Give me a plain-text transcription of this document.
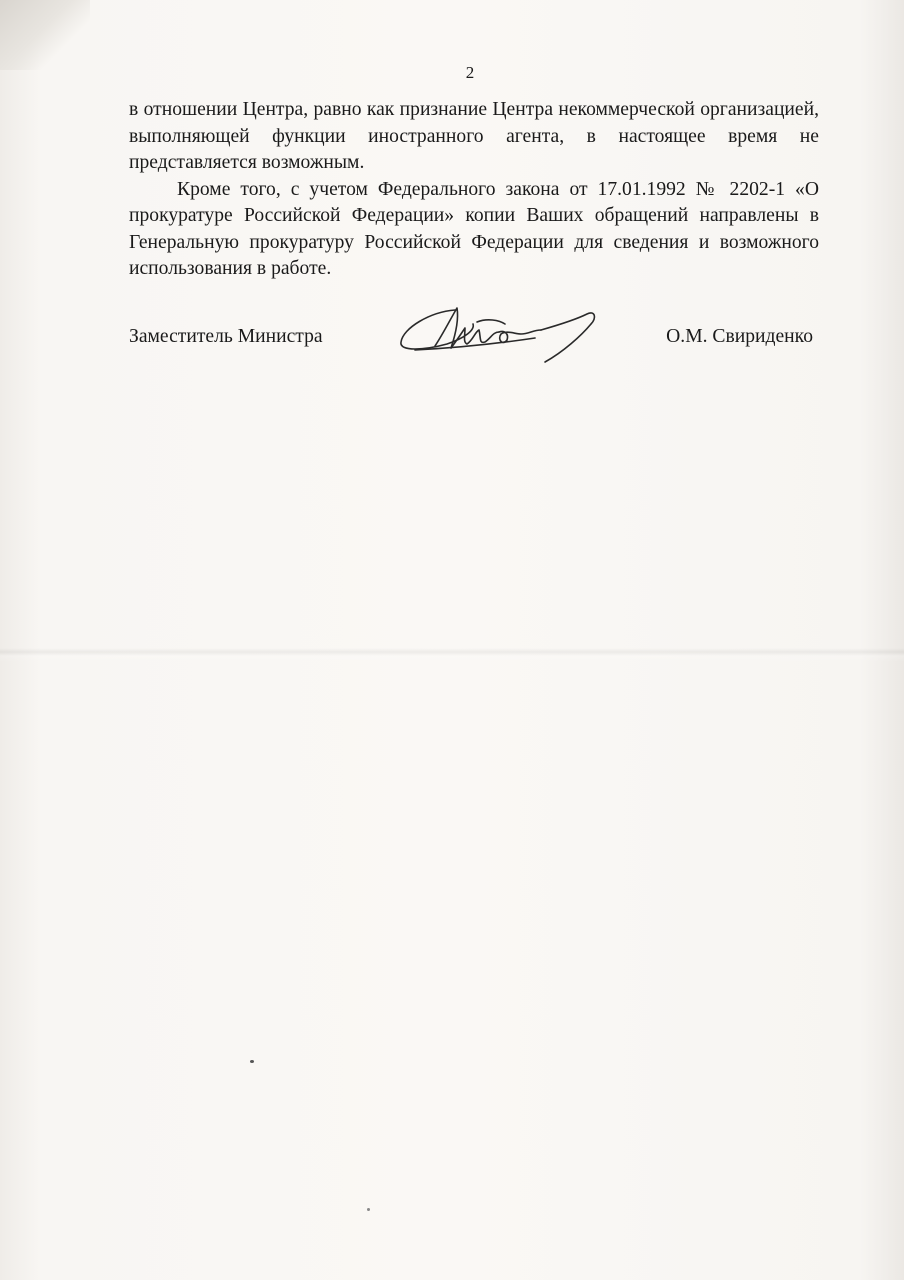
2

в отношении Центра, равно как признание Центра некоммерческой организацией, выполняющей функции иностранного агента, в настоящее время не представляется возможным.

Кроме того, с учетом Федерального закона от 17.01.1992 № 2202-1 «О прокуратуре Российской Федерации» копии Ваших обращений направлены в Генеральную прокуратуру Российской Федерации для сведения и возможного использования в работе.

Заместитель Министра	О.М. Свириденко
